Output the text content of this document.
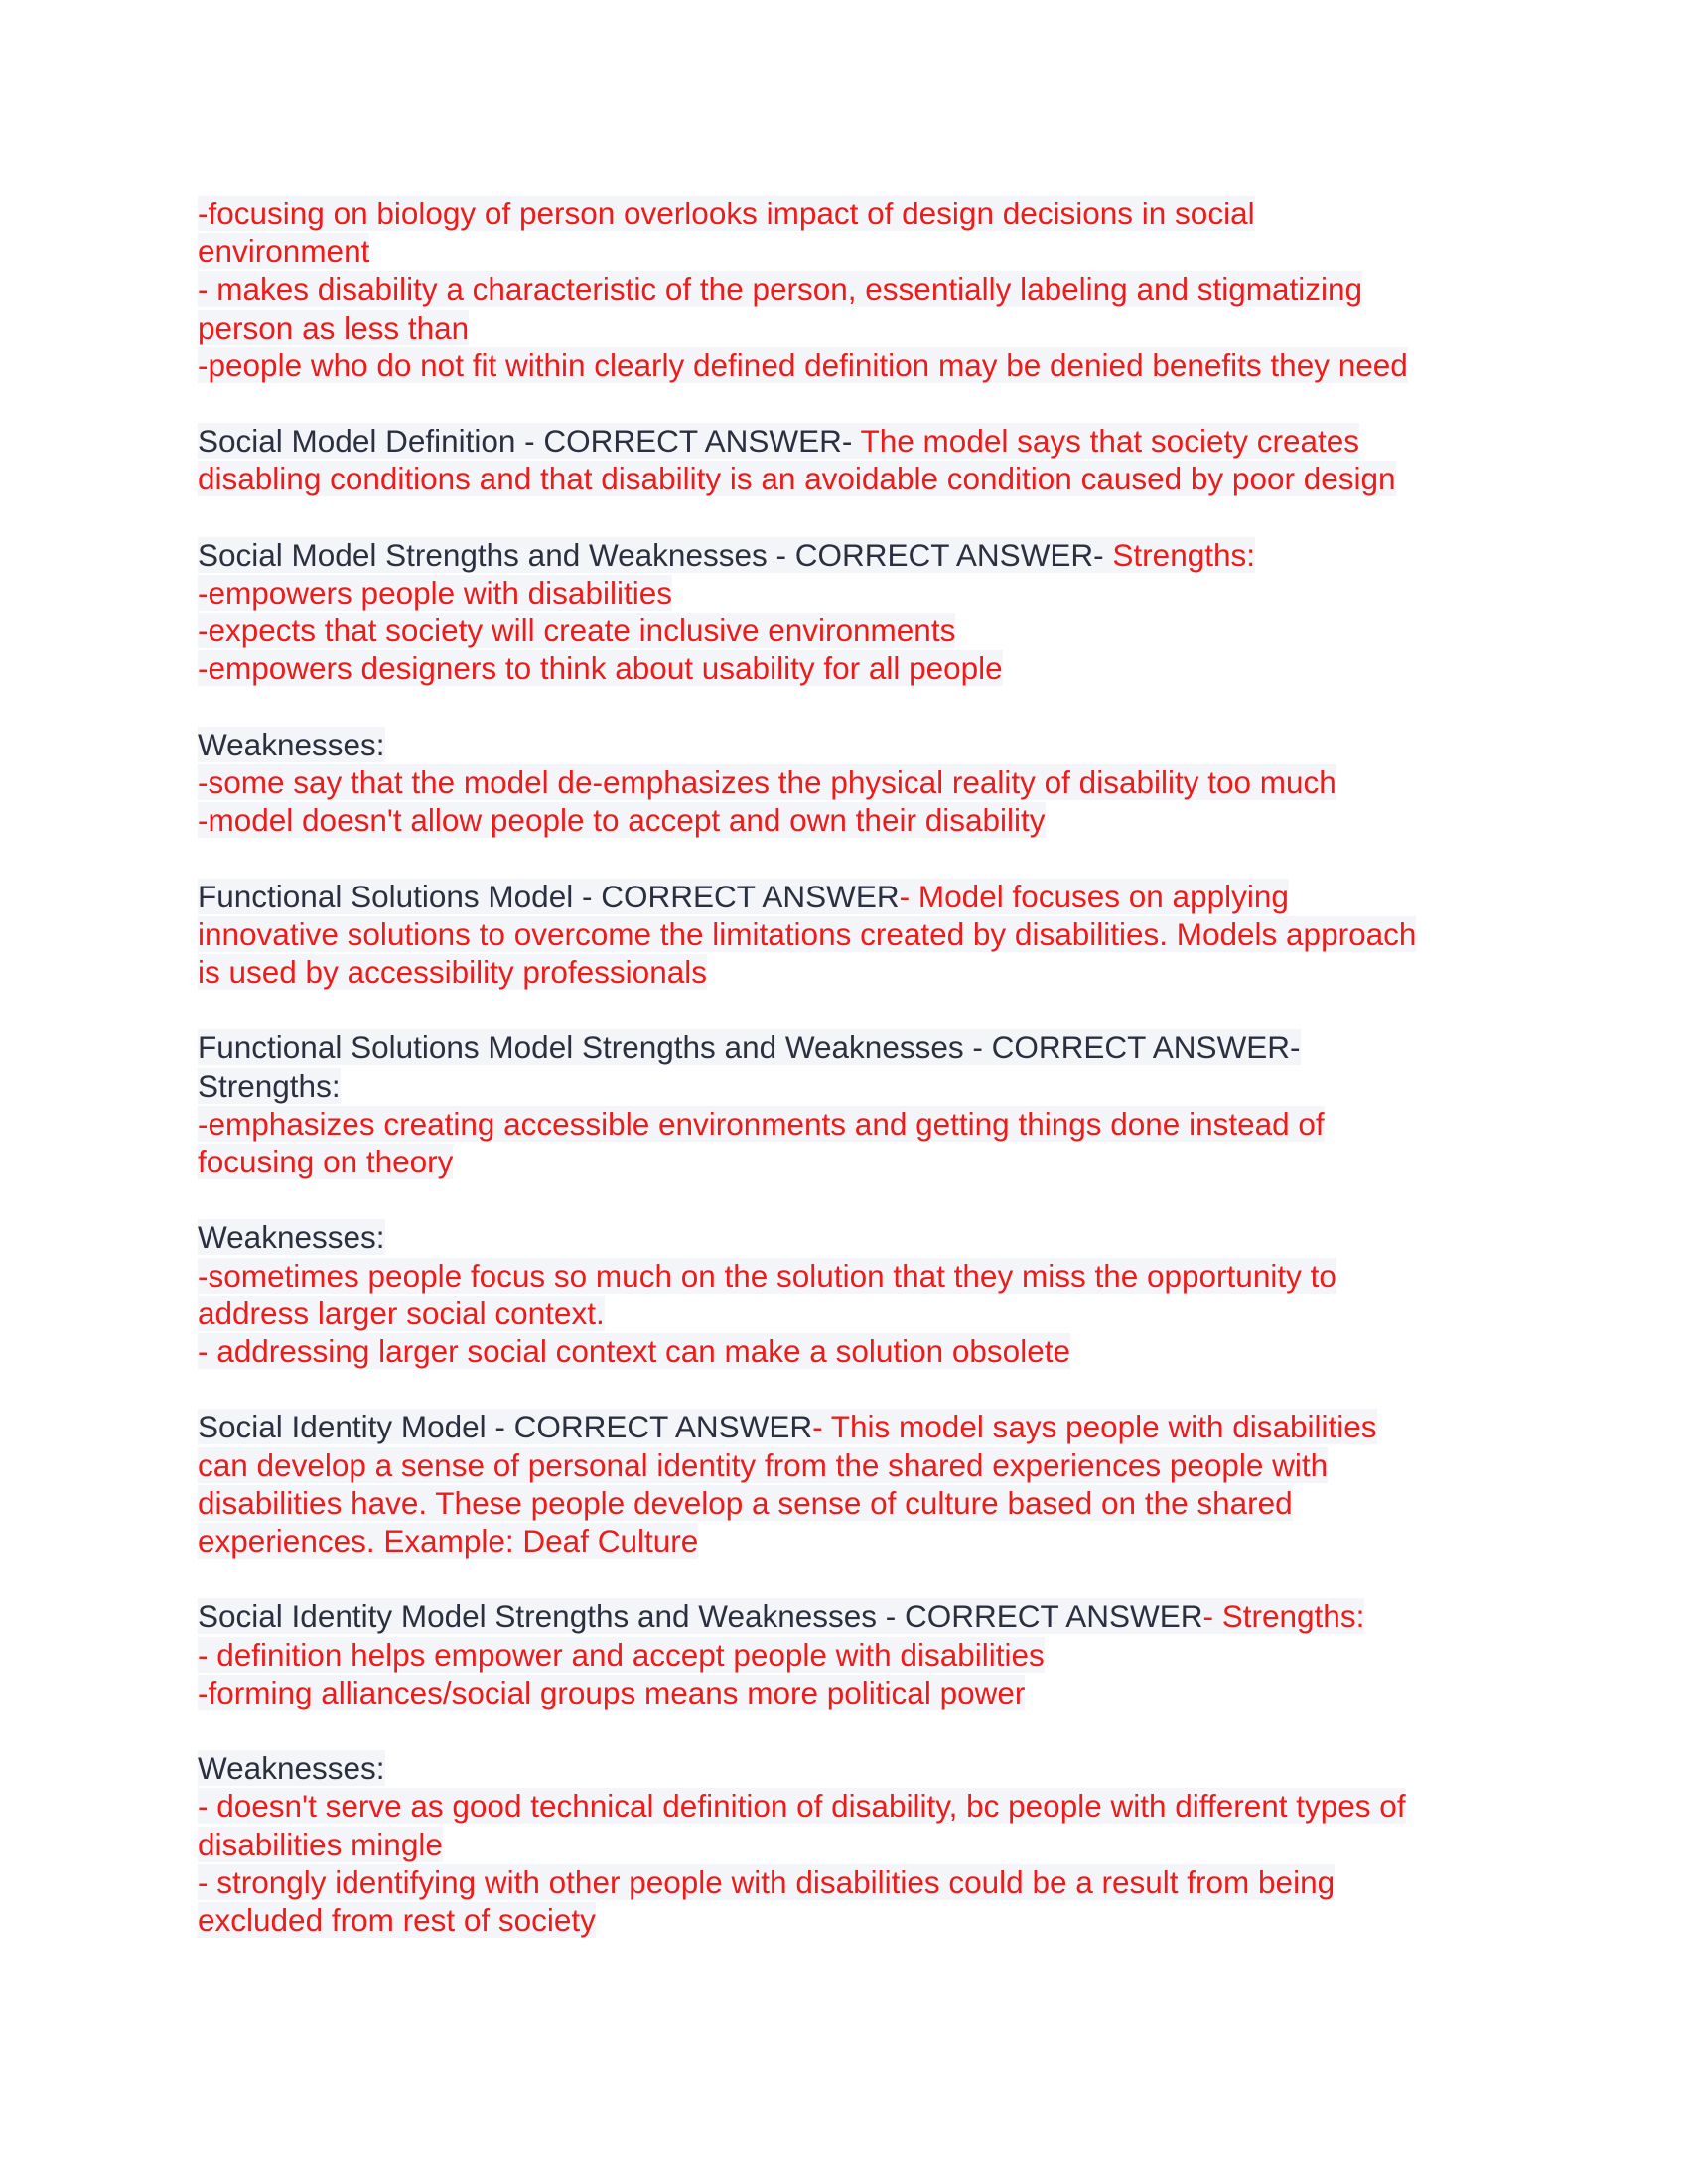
-focusing on biology of person overlooks impact of design decisions in social
environment
- makes disability a characteristic of the person, essentially labeling and stigmatizing
person as less than
-people who do not fit within clearly defined definition may be denied benefits they need
Social Model Definition - CORRECT ANSWER- The model says that society creates
disabling conditions and that disability is an avoidable condition caused by poor design
Social Model Strengths and Weaknesses - CORRECT ANSWER- Strengths:
-empowers people with disabilities
-expects that society will create inclusive environments
-empowers designers to think about usability for all people
Weaknesses:
-some say that the model de-emphasizes the physical reality of disability too much
-model doesn't allow people to accept and own their disability
Functional Solutions Model - CORRECT ANSWER- Model focuses on applying
innovative solutions to overcome the limitations created by disabilities. Models approach
is used by accessibility professionals
Functional Solutions Model Strengths and Weaknesses - CORRECT ANSWER-
Strengths:
-emphasizes creating accessible environments and getting things done instead of
focusing on theory
Weaknesses:
-sometimes people focus so much on the solution that they miss the opportunity to
address larger social context.
- addressing larger social context can make a solution obsolete
Social Identity Model - CORRECT ANSWER- This model says people with disabilities
can develop a sense of personal identity from the shared experiences people with
disabilities have. These people develop a sense of culture based on the shared
experiences. Example: Deaf Culture
Social Identity Model Strengths and Weaknesses - CORRECT ANSWER- Strengths:
- definition helps empower and accept people with disabilities
-forming alliances/social groups means more political power
Weaknesses:
- doesn't serve as good technical definition of disability, bc people with different types of
disabilities mingle
- strongly identifying with other people with disabilities could be a result from being
excluded from rest of society
